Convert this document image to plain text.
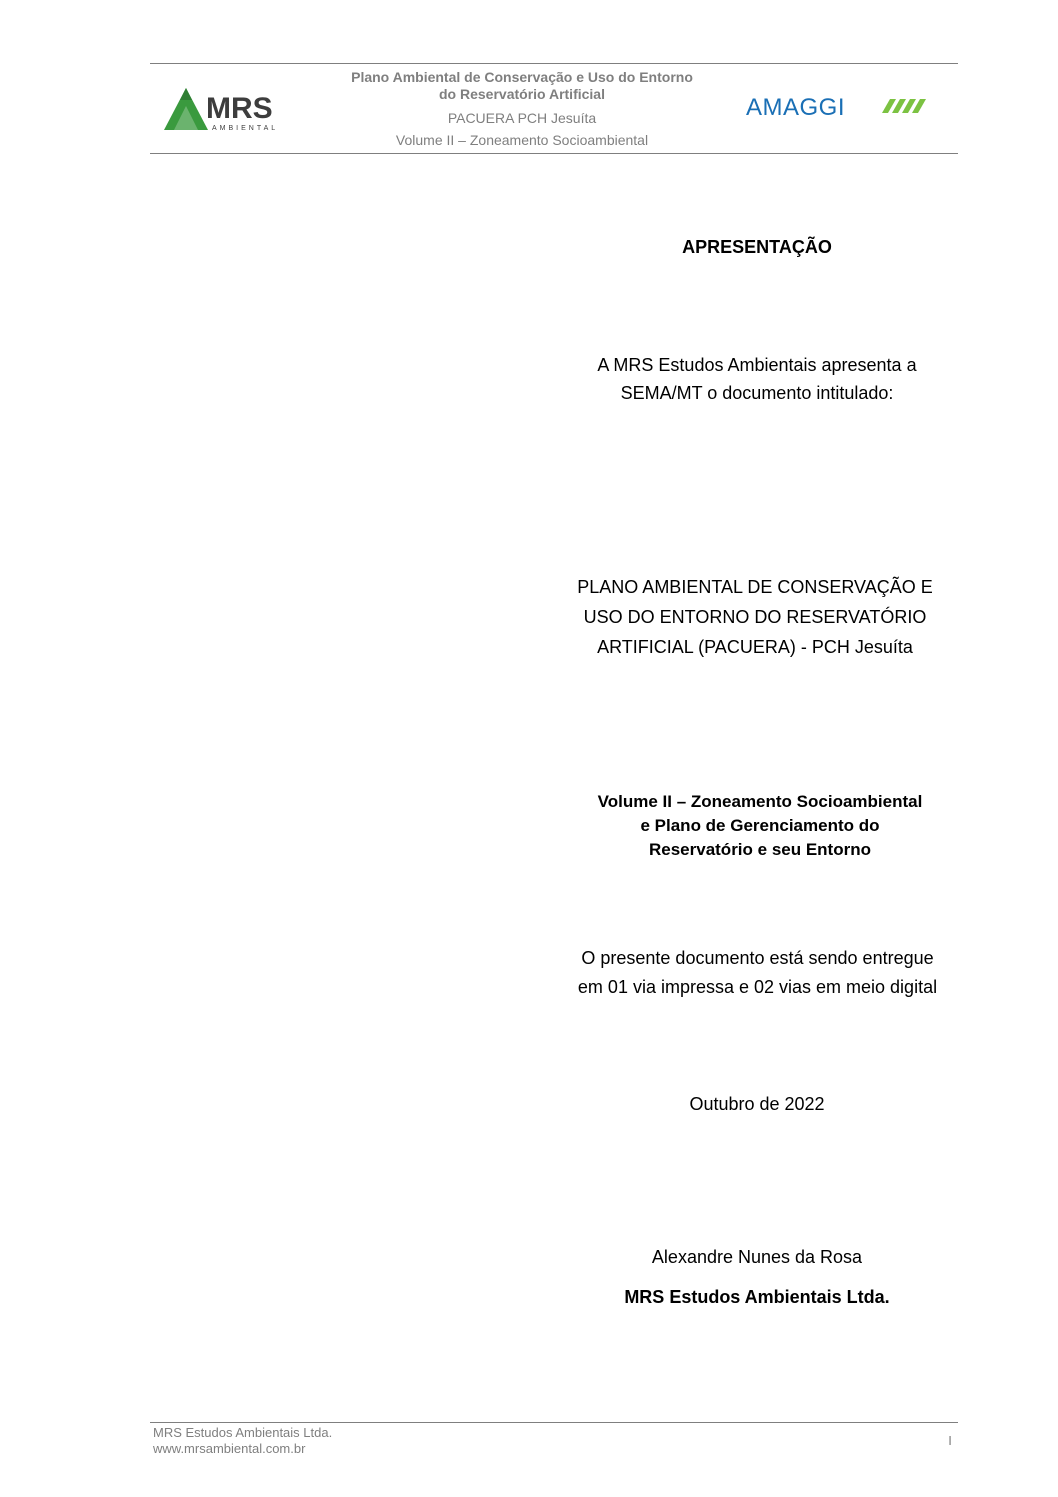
MRS
AMBIENTAL
Plano Ambiental de Conservação e Uso do Entorno
do Reservatório Artificial
PACUERA PCH Jesuíta
Volume II – Zoneamento Socioambiental
AMAGGI
APRESENTAÇÃO
A MRS Estudos Ambientais apresenta a
SEMA/MT o documento intitulado:
PLANO AMBIENTAL DE CONSERVAÇÃO E
USO DO ENTORNO DO RESERVATÓRIO
ARTIFICIAL (PACUERA) - PCH Jesuíta
Volume II – Zoneamento Socioambiental
e Plano de Gerenciamento do
Reservatório e seu Entorno
O presente documento está sendo entregue
em 01 via impressa e 02 vias em meio digital
Outubro de 2022
Alexandre Nunes da Rosa
MRS Estudos Ambientais Ltda.
MRS Estudos Ambientais Ltda.
www.mrsambiental.com.br
I
